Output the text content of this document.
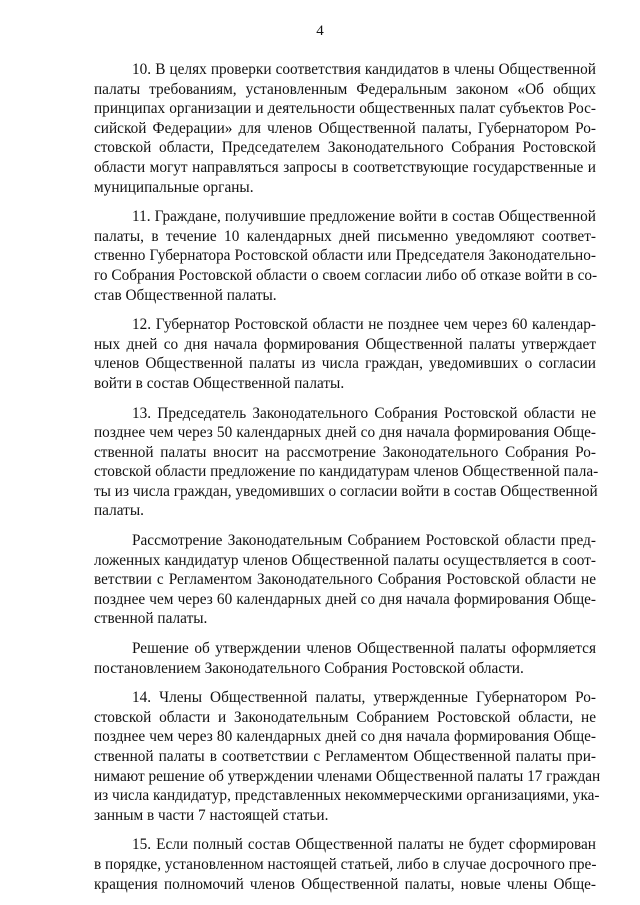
4
10. В целях проверки соответствия кандидатов в члены Общественной
палаты требованиям, установленным Федеральным законом «Об общих
принципах организации и деятельности общественных палат субъектов Рос-
сийской Федерации» для членов Общественной палаты, Губернатором Ро-
стовской области, Председателем Законодательного Собрания Ростовской
области могут направляться запросы в соответствующие государственные и
муниципальные органы.
11. Граждане, получившие предложение войти в состав Общественной
палаты, в течение 10 календарных дней письменно уведомляют соответ-
ственно Губернатора Ростовской области или Председателя Законодательно-
го Собрания Ростовской области о своем согласии либо об отказе войти в со-
став Общественной палаты.
12. Губернатор Ростовской области не позднее чем через 60 календар-
ных дней со дня начала формирования Общественной палаты утверждает
членов Общественной палаты из числа граждан, уведомивших о согласии
войти в состав Общественной палаты.
13. Председатель Законодательного Собрания Ростовской области не
позднее чем через 50 календарных дней со дня начала формирования Обще-
ственной палаты вносит на рассмотрение Законодательного Собрания Ро-
стовской области предложение по кандидатурам членов Общественной пала-
ты из числа граждан, уведомивших о согласии войти в состав Общественной
палаты.
Рассмотрение Законодательным Собранием Ростовской области пред-
ложенных кандидатур членов Общественной палаты осуществляется в соот-
ветствии с Регламентом Законодательного Собрания Ростовской области не
позднее чем через 60 календарных дней со дня начала формирования Обще-
ственной палаты.
Решение об утверждении членов Общественной палаты оформляется
постановлением Законодательного Собрания Ростовской области.
14. Члены Общественной палаты, утвержденные Губернатором Ро-
стовской области и Законодательным Собранием Ростовской области, не
позднее чем через 80 календарных дней со дня начала формирования Обще-
ственной палаты в соответствии с Регламентом Общественной палаты при-
нимают решение об утверждении членами Общественной палаты 17 граждан
из числа кандидатур, представленных некоммерческими организациями, ука-
занным в части 7 настоящей статьи.
15. Если полный состав Общественной палаты не будет сформирован
в порядке, установленном настоящей статьей, либо в случае досрочного пре-
кращения полномочий членов Общественной палаты, новые члены Обще-
